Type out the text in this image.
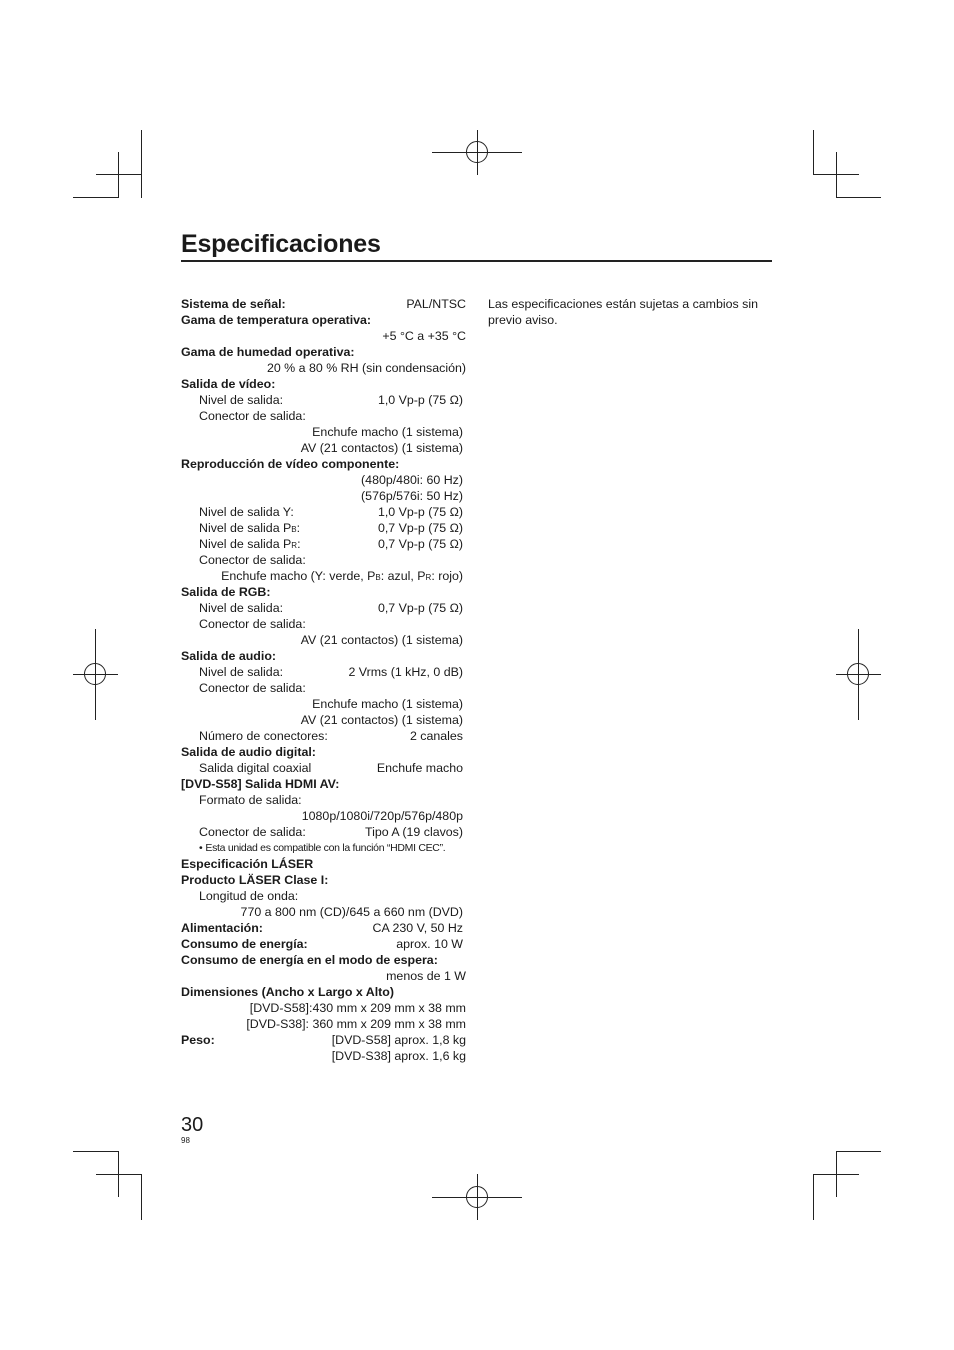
Especificaciones
Sistema de señal:	PAL/NTSC
Gama de temperatura operativa:
+5 °C a +35 °C
Gama de humedad operativa:
20 % a 80 % RH (sin condensación)
Salida de vídeo:
Nivel de salida:	1,0 Vp-p (75 Ω)
Conector de salida:
Enchufe macho (1 sistema)
AV (21 contactos) (1 sistema)
Reproducción de vídeo componente:
(480p/480i: 60 Hz)
(576p/576i: 50 Hz)
Nivel de salida Y:	1,0 Vp-p (75 Ω)
Nivel de salida PB:	0,7 Vp-p (75 Ω)
Nivel de salida PR:	0,7 Vp-p (75 Ω)
Conector de salida:
Enchufe macho (Y: verde, PB: azul, PR: rojo)
Salida de RGB:
Nivel de salida:	0,7 Vp-p (75 Ω)
Conector de salida:
AV (21 contactos) (1 sistema)
Salida de audio:
Nivel de salida:	2 Vrms (1 kHz, 0 dB)
Conector de salida:
Enchufe macho (1 sistema)
AV (21 contactos) (1 sistema)
Número de conectores:	2 canales
Salida de audio digital:
Salida digital coaxial	Enchufe macho
[DVD-S58] Salida HDMI AV:
Formato de salida:
1080p/1080i/720p/576p/480p
Conector de salida:	Tipo A (19 clavos)
• Esta unidad es compatible con la función “HDMI CEC”.
Especificación LÁSER
Producto LÄSER Clase I:
Longitud de onda:
770 a 800 nm (CD)/645 a 660 nm (DVD)
Alimentación:	CA 230 V, 50 Hz
Consumo de energía:	aprox. 10 W
Consumo de energía en el modo de espera:
menos de 1 W
Dimensiones (Ancho x Largo x Alto)
[DVD-S58]:430 mm x 209 mm x 38 mm
[DVD-S38]: 360 mm x 209 mm x 38 mm
Peso:	[DVD-S58] aprox. 1,8 kg
[DVD-S38] aprox. 1,6 kg
Las especificaciones están sujetas a cambios sin previo aviso.
30
98
